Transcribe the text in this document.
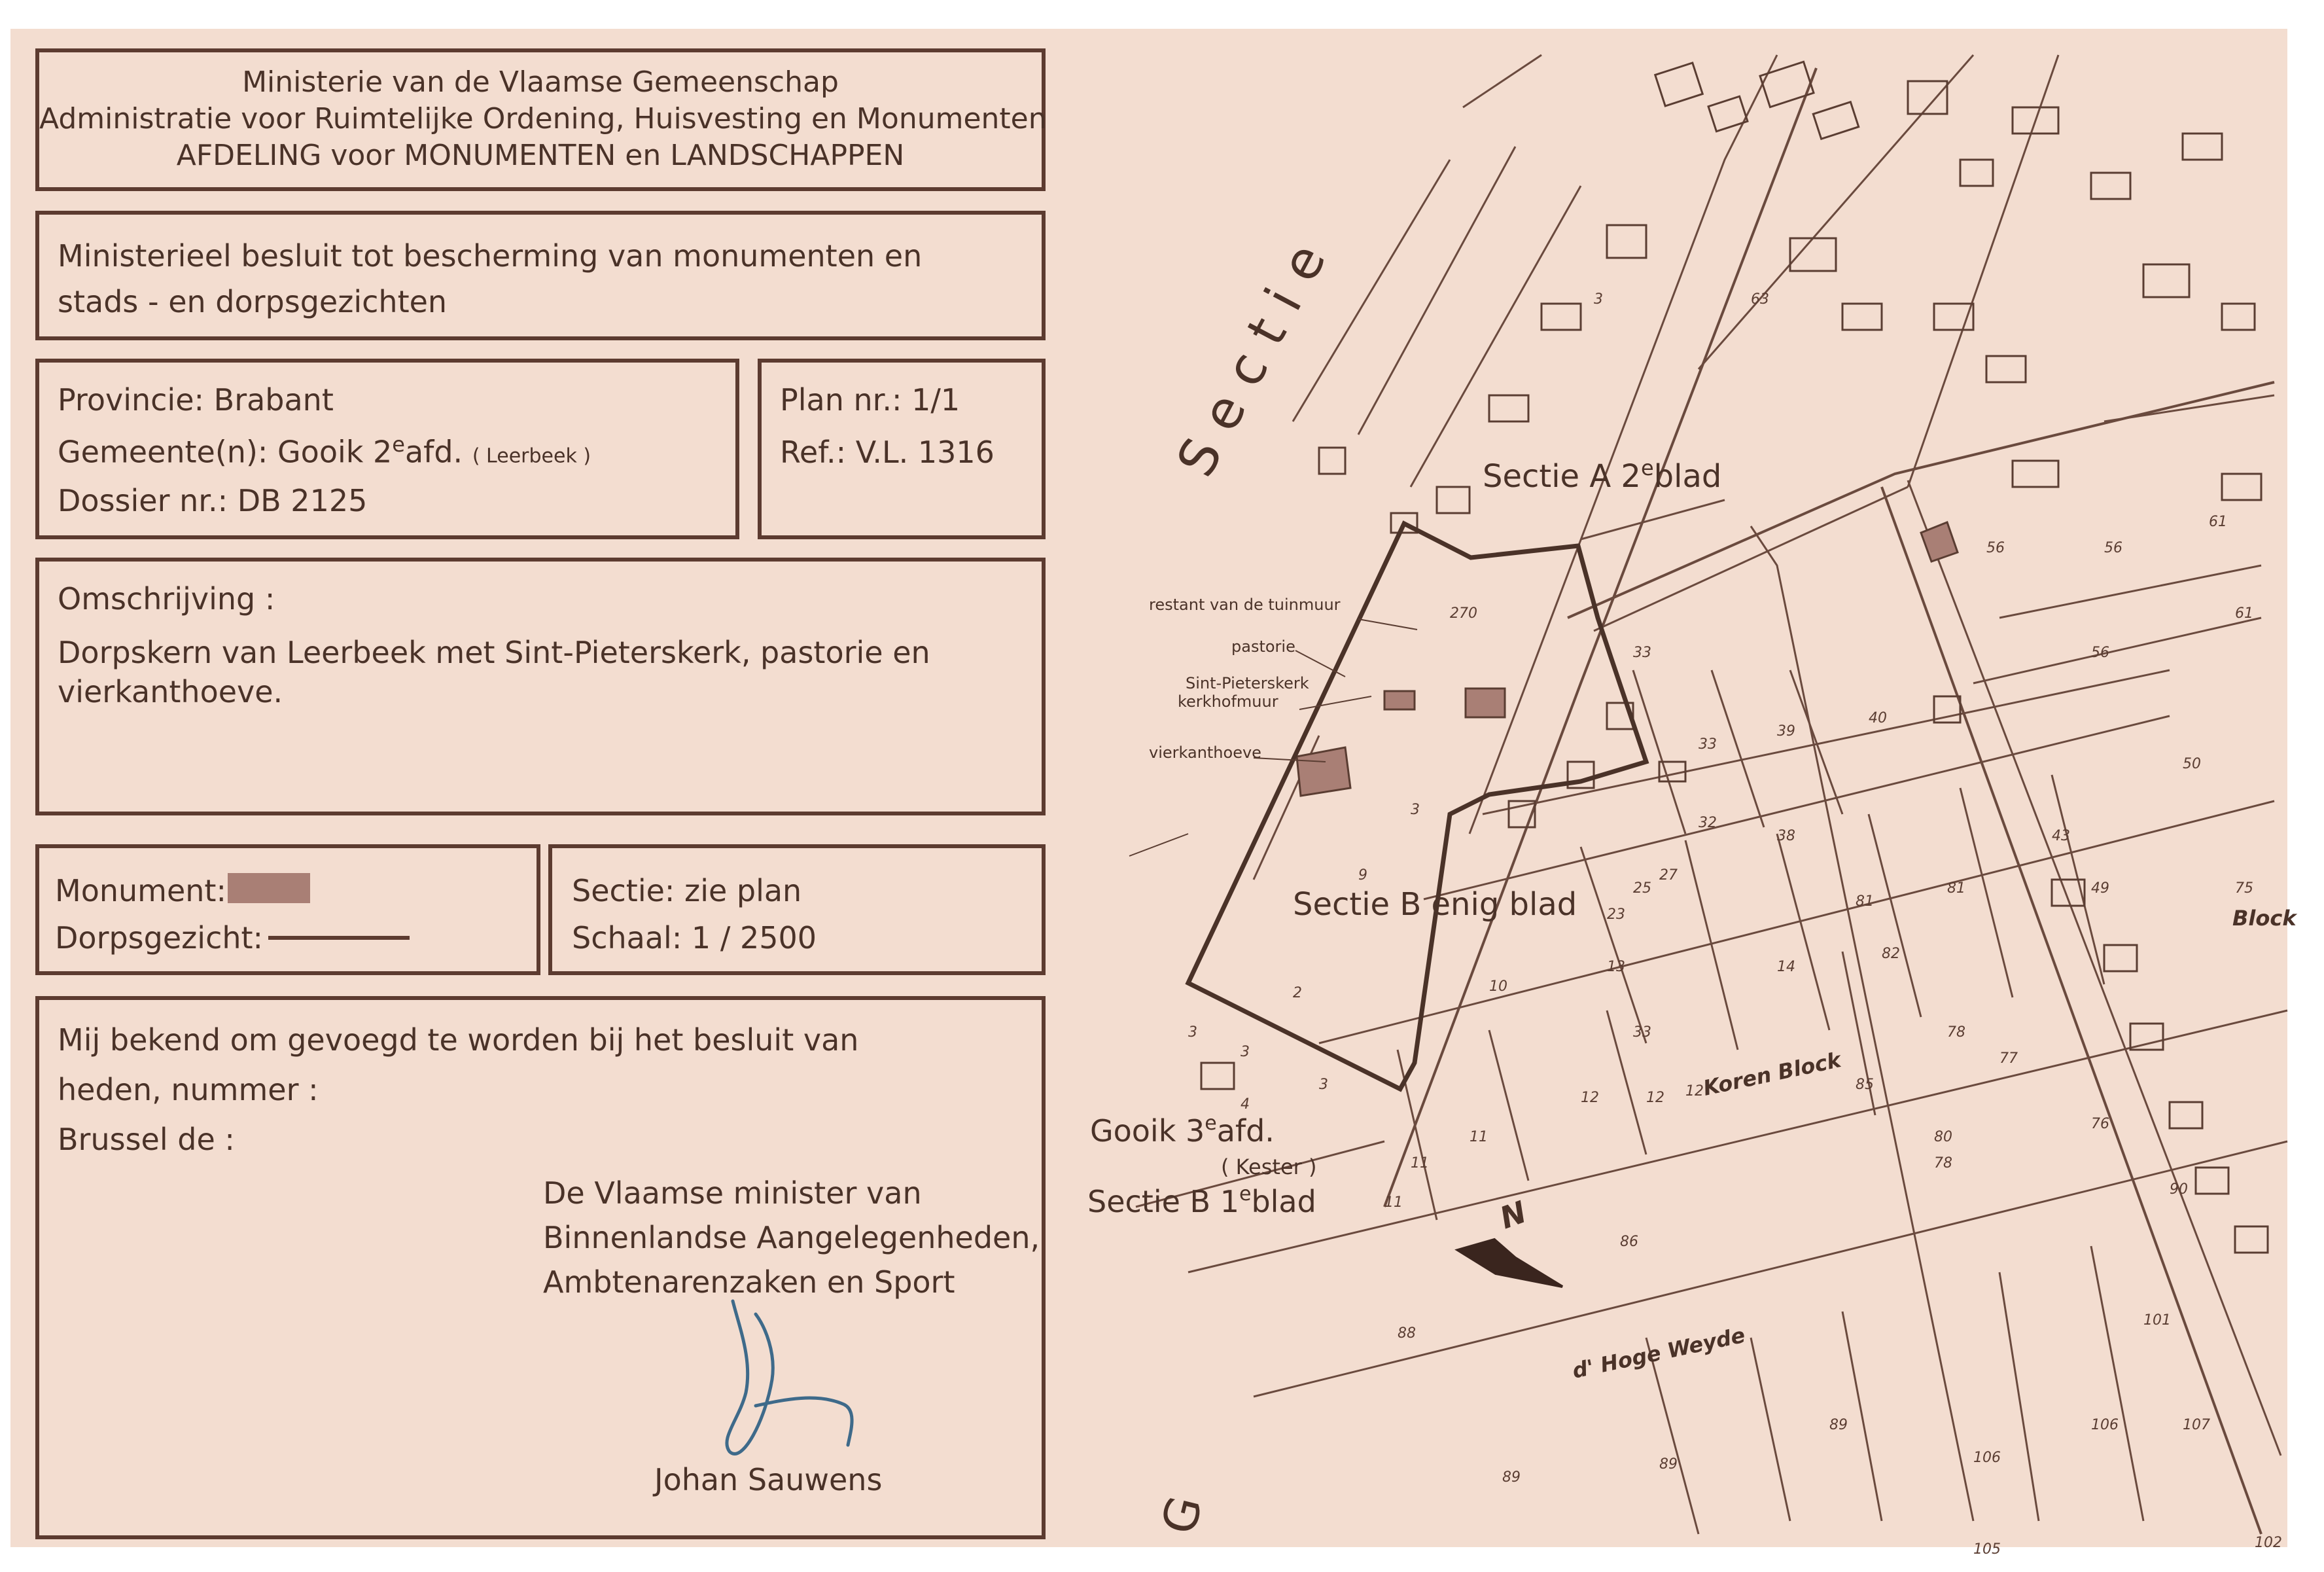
Ministerie van de Vlaamse Gemeenschap
Administratie voor Ruimtelijke Ordening, Huisvesting en Monumenten
AFDELING voor MONUMENTEN en LANDSCHAPPEN
Ministerieel besluit tot bescherming van monumenten en
stads - en dorpsgezichten
Provincie: Brabant
Gemeente(n): Gooik 2eafd. ( Leerbeek )
Dossier nr.: DB 2125
Plan nr.: 1/1
Ref.: V.L. 1316
Omschrijving :
Dorpskern van Leerbeek met Sint-Pieterskerk, pastorie en
vierkanthoeve.
Monument:
Dorpsgezicht:
Sectie: zie plan
Schaal: 1 / 2500
Mij bekend om gevoegd te worden bij het besluit van
heden, nummer :
Brussel de :
De Vlaamse minister van
Binnenlandse Aangelegenheden,
Ambtenarenzaken en Sport
Johan Sauwens
270
33
33
39
40
32
38
81
81
82
10
2
13
33
14
85
78
77
80
78
12	12 12
11
11
11
86
88
89
89
89
106
106	107
101
105	102
90
76
50
56
56
56
75
61
61
3	63
43
49
27
23
25
3
3
3
4
9
3
Sectie	Sectie A 2eblad
Sectie B enig blad
Gooik 3eafd.
( Kester )
Sectie B 1eblad
restant van de tuinmuur
pastorie
Sint-Pieterskerk
kerkhofmuur
vierkanthoeve
Koren Block
d' Hoge Weyde
Block
N
G
